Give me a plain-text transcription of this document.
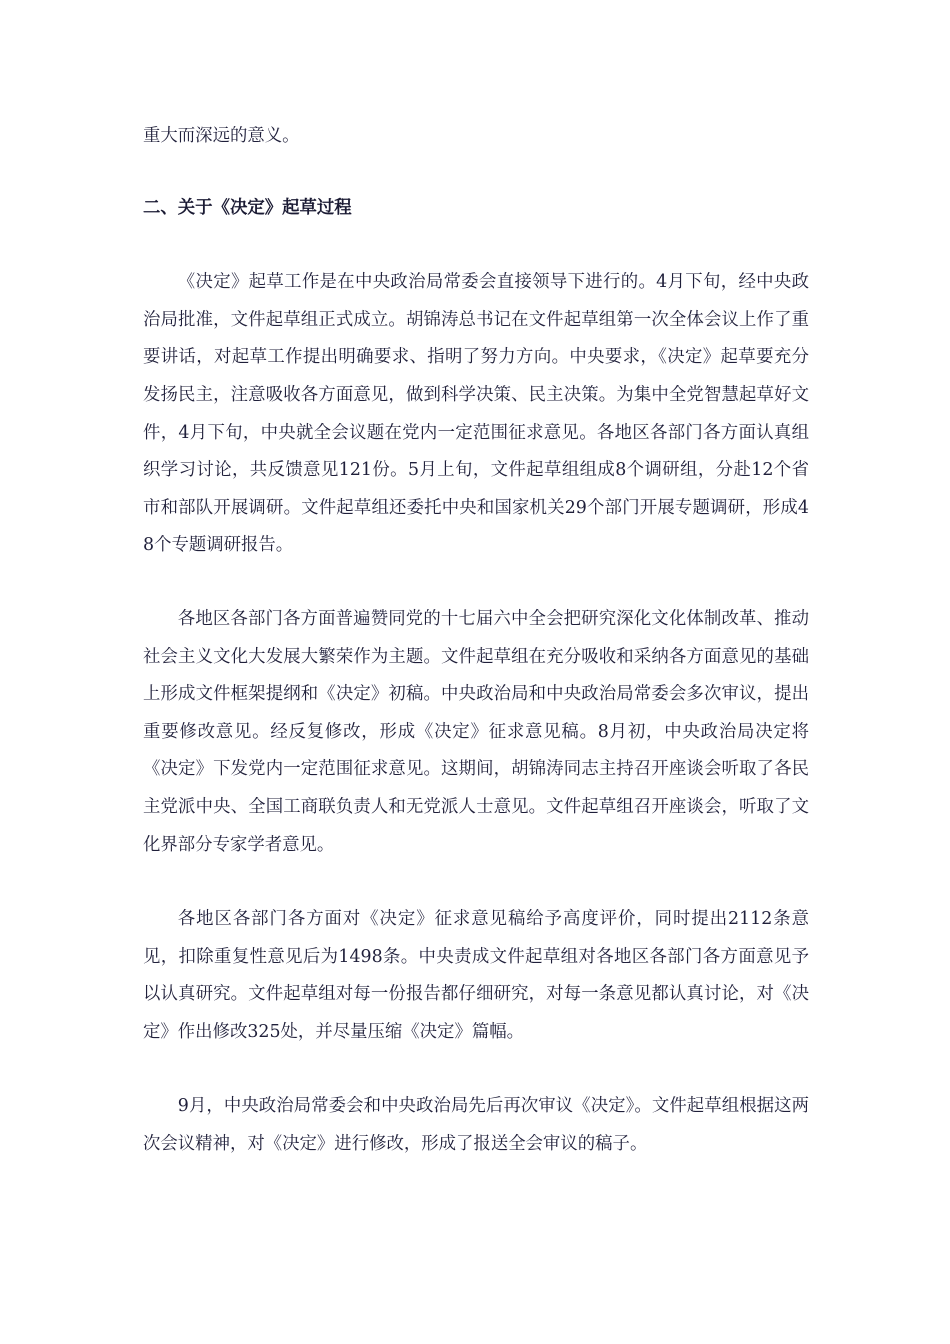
重大而深远的意义。

二、关于《决定》起草过程

《决定》起草工作是在中央政治局常委会直接领导下进行的。4月下旬，经中央政治局批准，文件起草组正式成立。胡锦涛总书记在文件起草组第一次全体会议上作了重要讲话，对起草工作提出明确要求、指明了努力方向。中央要求，《决定》起草要充分发扬民主，注意吸收各方面意见，做到科学决策、民主决策。为集中全党智慧起草好文件，4月下旬，中央就全会议题在党内一定范围征求意见。各地区各部门各方面认真组织学习讨论，共反馈意见121份。5月上旬，文件起草组组成8个调研组，分赴12个省市和部队开展调研。文件起草组还委托中央和国家机关29个部门开展专题调研，形成48个专题调研报告。

各地区各部门各方面普遍赞同党的十七届六中全会把研究深化文化体制改革、推动社会主义文化大发展大繁荣作为主题。文件起草组在充分吸收和采纳各方面意见的基础上形成文件框架提纲和《决定》初稿。中央政治局和中央政治局常委会多次审议，提出重要修改意见。经反复修改，形成《决定》征求意见稿。8月初，中央政治局决定将《决定》下发党内一定范围征求意见。这期间，胡锦涛同志主持召开座谈会听取了各民主党派中央、全国工商联负责人和无党派人士意见。文件起草组召开座谈会，听取了文化界部分专家学者意见。

各地区各部门各方面对《决定》征求意见稿给予高度评价，同时提出2112条意见，扣除重复性意见后为1498条。中央责成文件起草组对各地区各部门各方面意见予以认真研究。文件起草组对每一份报告都仔细研究，对每一条意见都认真讨论，对《决定》作出修改325处，并尽量压缩《决定》篇幅。

9月，中央政治局常委会和中央政治局先后再次审议《决定》。文件起草组根据这两次会议精神，对《决定》进行修改，形成了报送全会审议的稿子。
